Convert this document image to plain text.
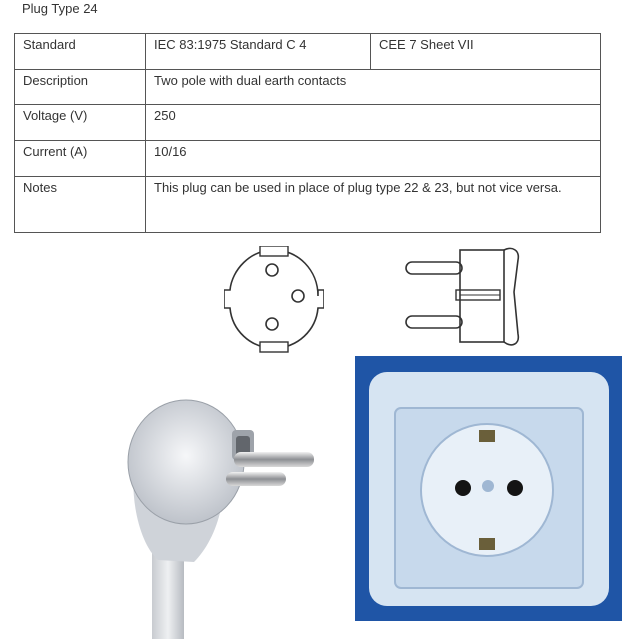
Plug Type 24
Standard	IEC 83:1975 Standard C 4	CEE 7 Sheet VII
Description	Two pole with dual earth contacts	
Voltage (V)	250	
Current (A)	10/16	
Notes	This plug can be used in place of plug type 22 & 23, but not vice versa.	
